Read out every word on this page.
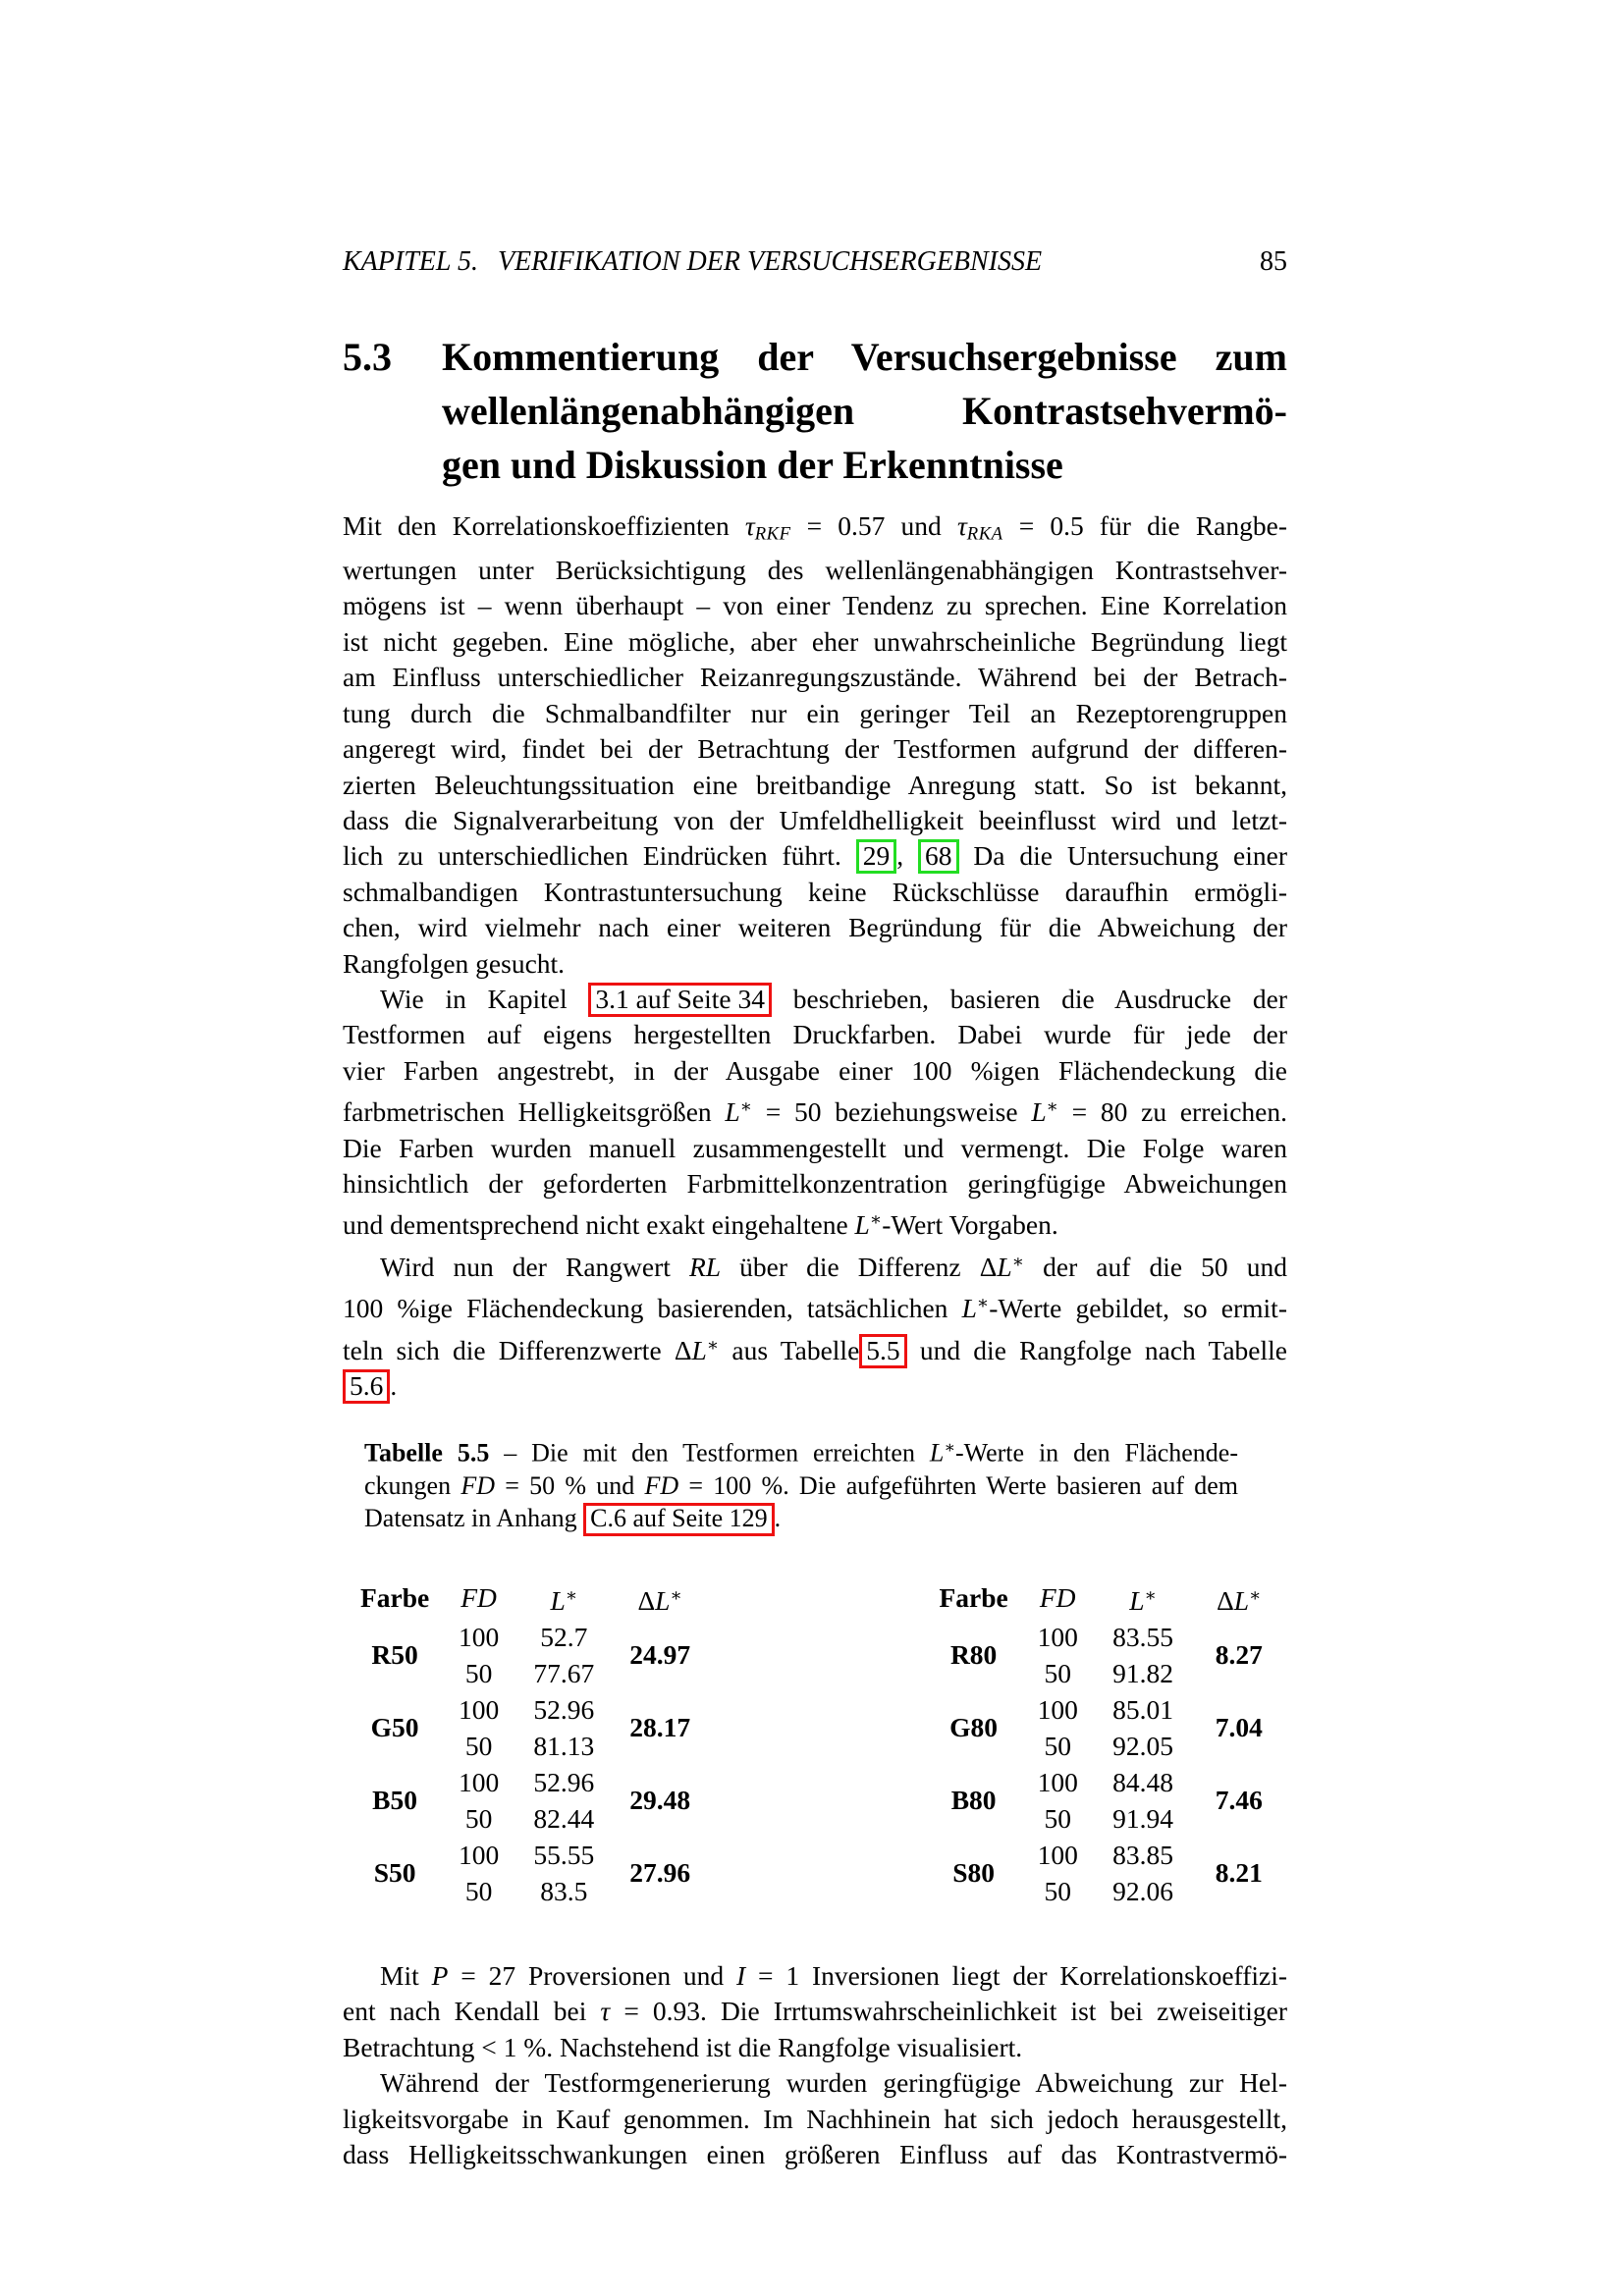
KAPITEL 5. VERIFIKATION DER VERSUCHSERGEBNISSE	85
5.3	Kommentierung der Versuchsergebnisse zum
wellenlängenabhängigen Kontrastsehvermö-
gen und Diskussion der Erkenntnisse
Mit den Korrelationskoeffizienten τRKF = 0.57 und τRKA = 0.5 für die Rangbe-
wertungen unter Berücksichtigung des wellenlängenabhängigen Kontrastsehver-
mögens ist – wenn überhaupt – von einer Tendenz zu sprechen. Eine Korrelation
ist nicht gegeben. Eine mögliche, aber eher unwahrscheinliche Begründung liegt
am Einfluss unterschiedlicher Reizanregungszustände. Während bei der Betrach-
tung durch die Schmalbandfilter nur ein geringer Teil an Rezeptorengruppen
angeregt wird, findet bei der Betrachtung der Testformen aufgrund der differen-
zierten Beleuchtungssituation eine breitbandige Anregung statt. So ist bekannt,
dass die Signalverarbeitung von der Umfeldhelligkeit beeinflusst wird und letzt-
lich zu unterschiedlichen Eindrücken führt. 29 , 68 Da die Untersuchung einer
schmalbandigen Kontrastuntersuchung keine Rückschlüsse daraufhin ermögli-
chen, wird vielmehr nach einer weiteren Begründung für die Abweichung der
Rangfolgen gesucht.
Wie in Kapitel 3.1 auf Seite 34 beschrieben, basieren die Ausdrucke der
Testformen auf eigens hergestellten Druckfarben. Dabei wurde für jede der
vier Farben angestrebt, in der Ausgabe einer 100 %igen Flächendeckung die
farbmetrischen Helligkeitsgrößen L∗ = 50 beziehungsweise L∗ = 80 zu erreichen.
Die Farben wurden manuell zusammengestellt und vermengt. Die Folge waren
hinsichtlich der geforderten Farbmittelkonzentration geringfügige Abweichungen
und dementsprechend nicht exakt eingehaltene L∗-Wert Vorgaben.
Wird nun der Rangwert RL über die Differenz ΔL∗ der auf die 50 und
100 %ige Flächendeckung basierenden, tatsächlichen L∗-Werte gebildet, so ermit-
teln sich die Differenzwerte ΔL∗ aus Tabelle 5.5 und die Rangfolge nach Tabelle
5.6 .
Tabelle 5.5 – Die mit den Testformen erreichten L∗-Werte in den Flächende-
ckungen FD = 50 % und FD = 100 %. Die aufgeführten Werte basieren auf dem
Datensatz in Anhang C.6 auf Seite 129 .
Farbe	FD	L∗	ΔL∗
R50	100	52.7	24.97
	50	77.67	
G50	100	52.96	28.17
	50	81.13	
B50	100	52.96	29.48
	50	82.44	
S50	100	55.55	27.96
	50	83.5	
Farbe	FD	L∗	ΔL∗
R80	100	83.55	8.27
	50	91.82	
G80	100	85.01	7.04
	50	92.05	
B80	100	84.48	7.46
	50	91.94	
S80	100	83.85	8.21
	50	92.06	
Mit P = 27 Proversionen und I = 1 Inversionen liegt der Korrelationskoeffizi-
ent nach Kendall bei τ = 0.93. Die Irrtumswahrscheinlichkeit ist bei zweiseitiger
Betrachtung < 1 %. Nachstehend ist die Rangfolge visualisiert.
Während der Testformgenerierung wurden geringfügige Abweichung zur Hel-
ligkeitsvorgabe in Kauf genommen. Im Nachhinein hat sich jedoch herausgestellt,
dass Helligkeitsschwankungen einen größeren Einfluss auf das Kontrastvermö-
